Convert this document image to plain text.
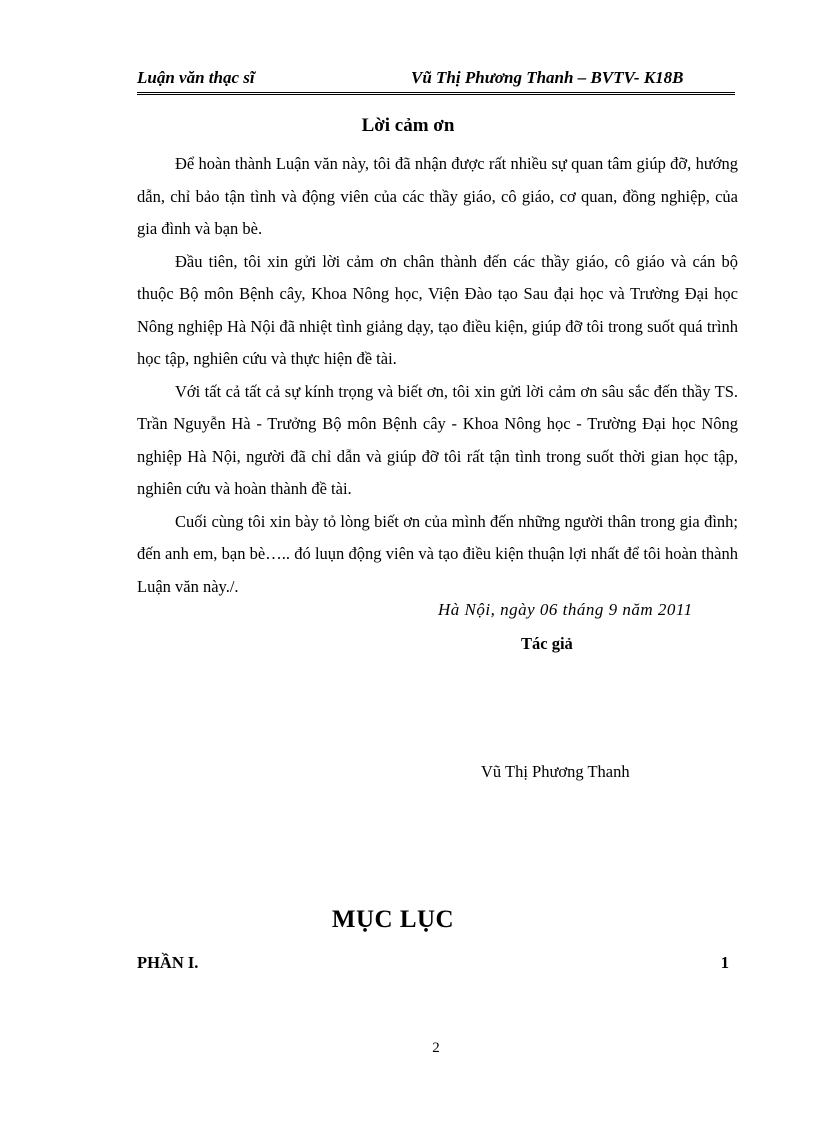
Luận văn thạc sĩ	Vũ Thị Phương Thanh – BVTV- K18B
Lời cảm ơn

Để hoàn thành Luận văn này, tôi đã nhận được rất nhiều sự quan tâm giúp đỡ, hướng dẫn, chỉ bảo tận tình và động viên của các thầy giáo, cô giáo, cơ quan, đồng nghiệp, của gia đình và bạn bè.

Đầu tiên, tôi xin gửi lời cảm ơn chân thành đến các thầy giáo, cô giáo và cán bộ thuộc Bộ môn Bệnh cây, Khoa Nông học, Viện Đào tạo Sau đại học và Trường Đại học Nông nghiệp Hà Nội đã nhiệt tình giảng dạy, tạo điều kiện, giúp đỡ tôi trong suốt quá trình học tập, nghiên cứu và thực hiện đề tài.

Với tất cả tất cả sự kính trọng và biết ơn, tôi xin gửi lời cảm ơn sâu sắc đến thầy TS. Trần Nguyễn Hà - Trưởng Bộ môn Bệnh cây - Khoa Nông học - Trường Đại học Nông nghiệp Hà Nội, người đã chỉ dẫn và giúp đỡ tôi rất tận tình trong suốt thời gian học tập, nghiên cứu và hoàn thành đề tài.

Cuối cùng tôi xin bày tỏ lòng biết ơn của mình đến những người thân trong gia đình; đến anh em, bạn bè….. đó luụn động viên và tạo điều kiện thuận lợi nhất để tôi hoàn thành Luận văn này./.

Hà Nội, ngày 06 tháng 9 năm 2011
Tác giả
Vũ Thị Phương Thanh
MỤC LỤC
PHẦN I.	1
2
